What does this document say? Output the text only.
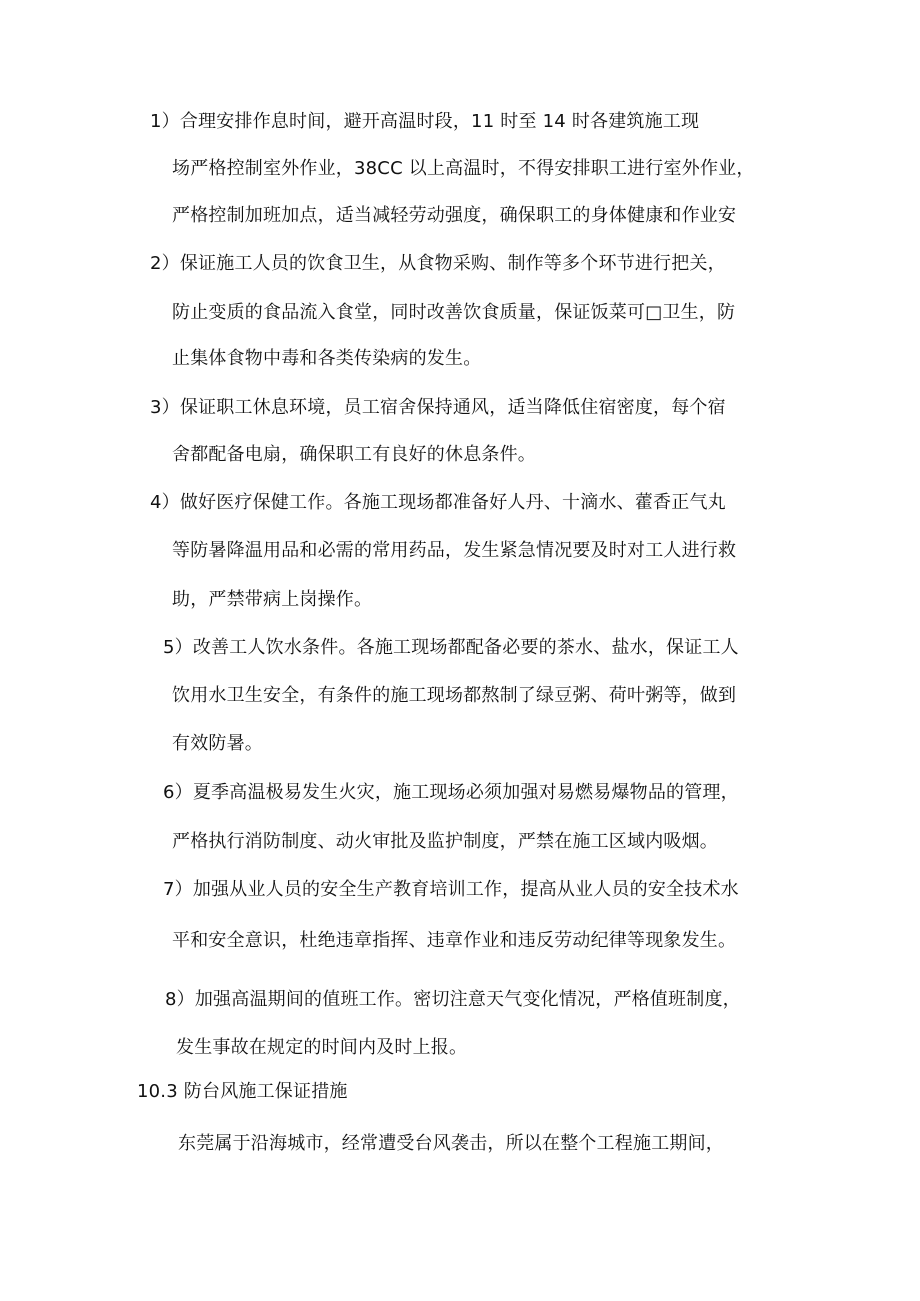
1）合理安排作息时间，避开高温时段，11 时至 14 时各建筑施工现
场严格控制室外作业，38CC 以上高温时，不得安排职工进行室外作业，
严格控制加班加点，适当减轻劳动强度，确保职工的身体健康和作业安
2）保证施工人员的饮食卫生，从食物采购、制作等多个环节进行把关，
防止变质的食品流入食堂，同时改善饮食质量，保证饭菜可□卫生，防
止集体食物中毒和各类传染病的发生。
3）保证职工休息环境，员工宿舍保持通风，适当降低住宿密度，每个宿
舍都配备电扇，确保职工有良好的休息条件。
4）做好医疗保健工作。各施工现场都准备好人丹、十滴水、藿香正气丸
等防暑降温用品和必需的常用药品，发生紧急情况要及时对工人进行救
助，严禁带病上岗操作。
5）改善工人饮水条件。各施工现场都配备必要的茶水、盐水，保证工人
饮用水卫生安全，有条件的施工现场都熬制了绿豆粥、荷叶粥等，做到
有效防暑。
6）夏季高温极易发生火灾，施工现场必须加强对易燃易爆物品的管理，
严格执行消防制度、动火审批及监护制度，严禁在施工区域内吸烟。
7）加强从业人员的安全生产教育培训工作，提高从业人员的安全技术水
平和安全意识，杜绝违章指挥、违章作业和违反劳动纪律等现象发生。
8）加强高温期间的值班工作。密切注意天气变化情况，严格值班制度，
发生事故在规定的时间内及时上报。
10.3 防台风施工保证措施
东莞属于沿海城市，经常遭受台风袭击，所以在整个工程施工期间，
